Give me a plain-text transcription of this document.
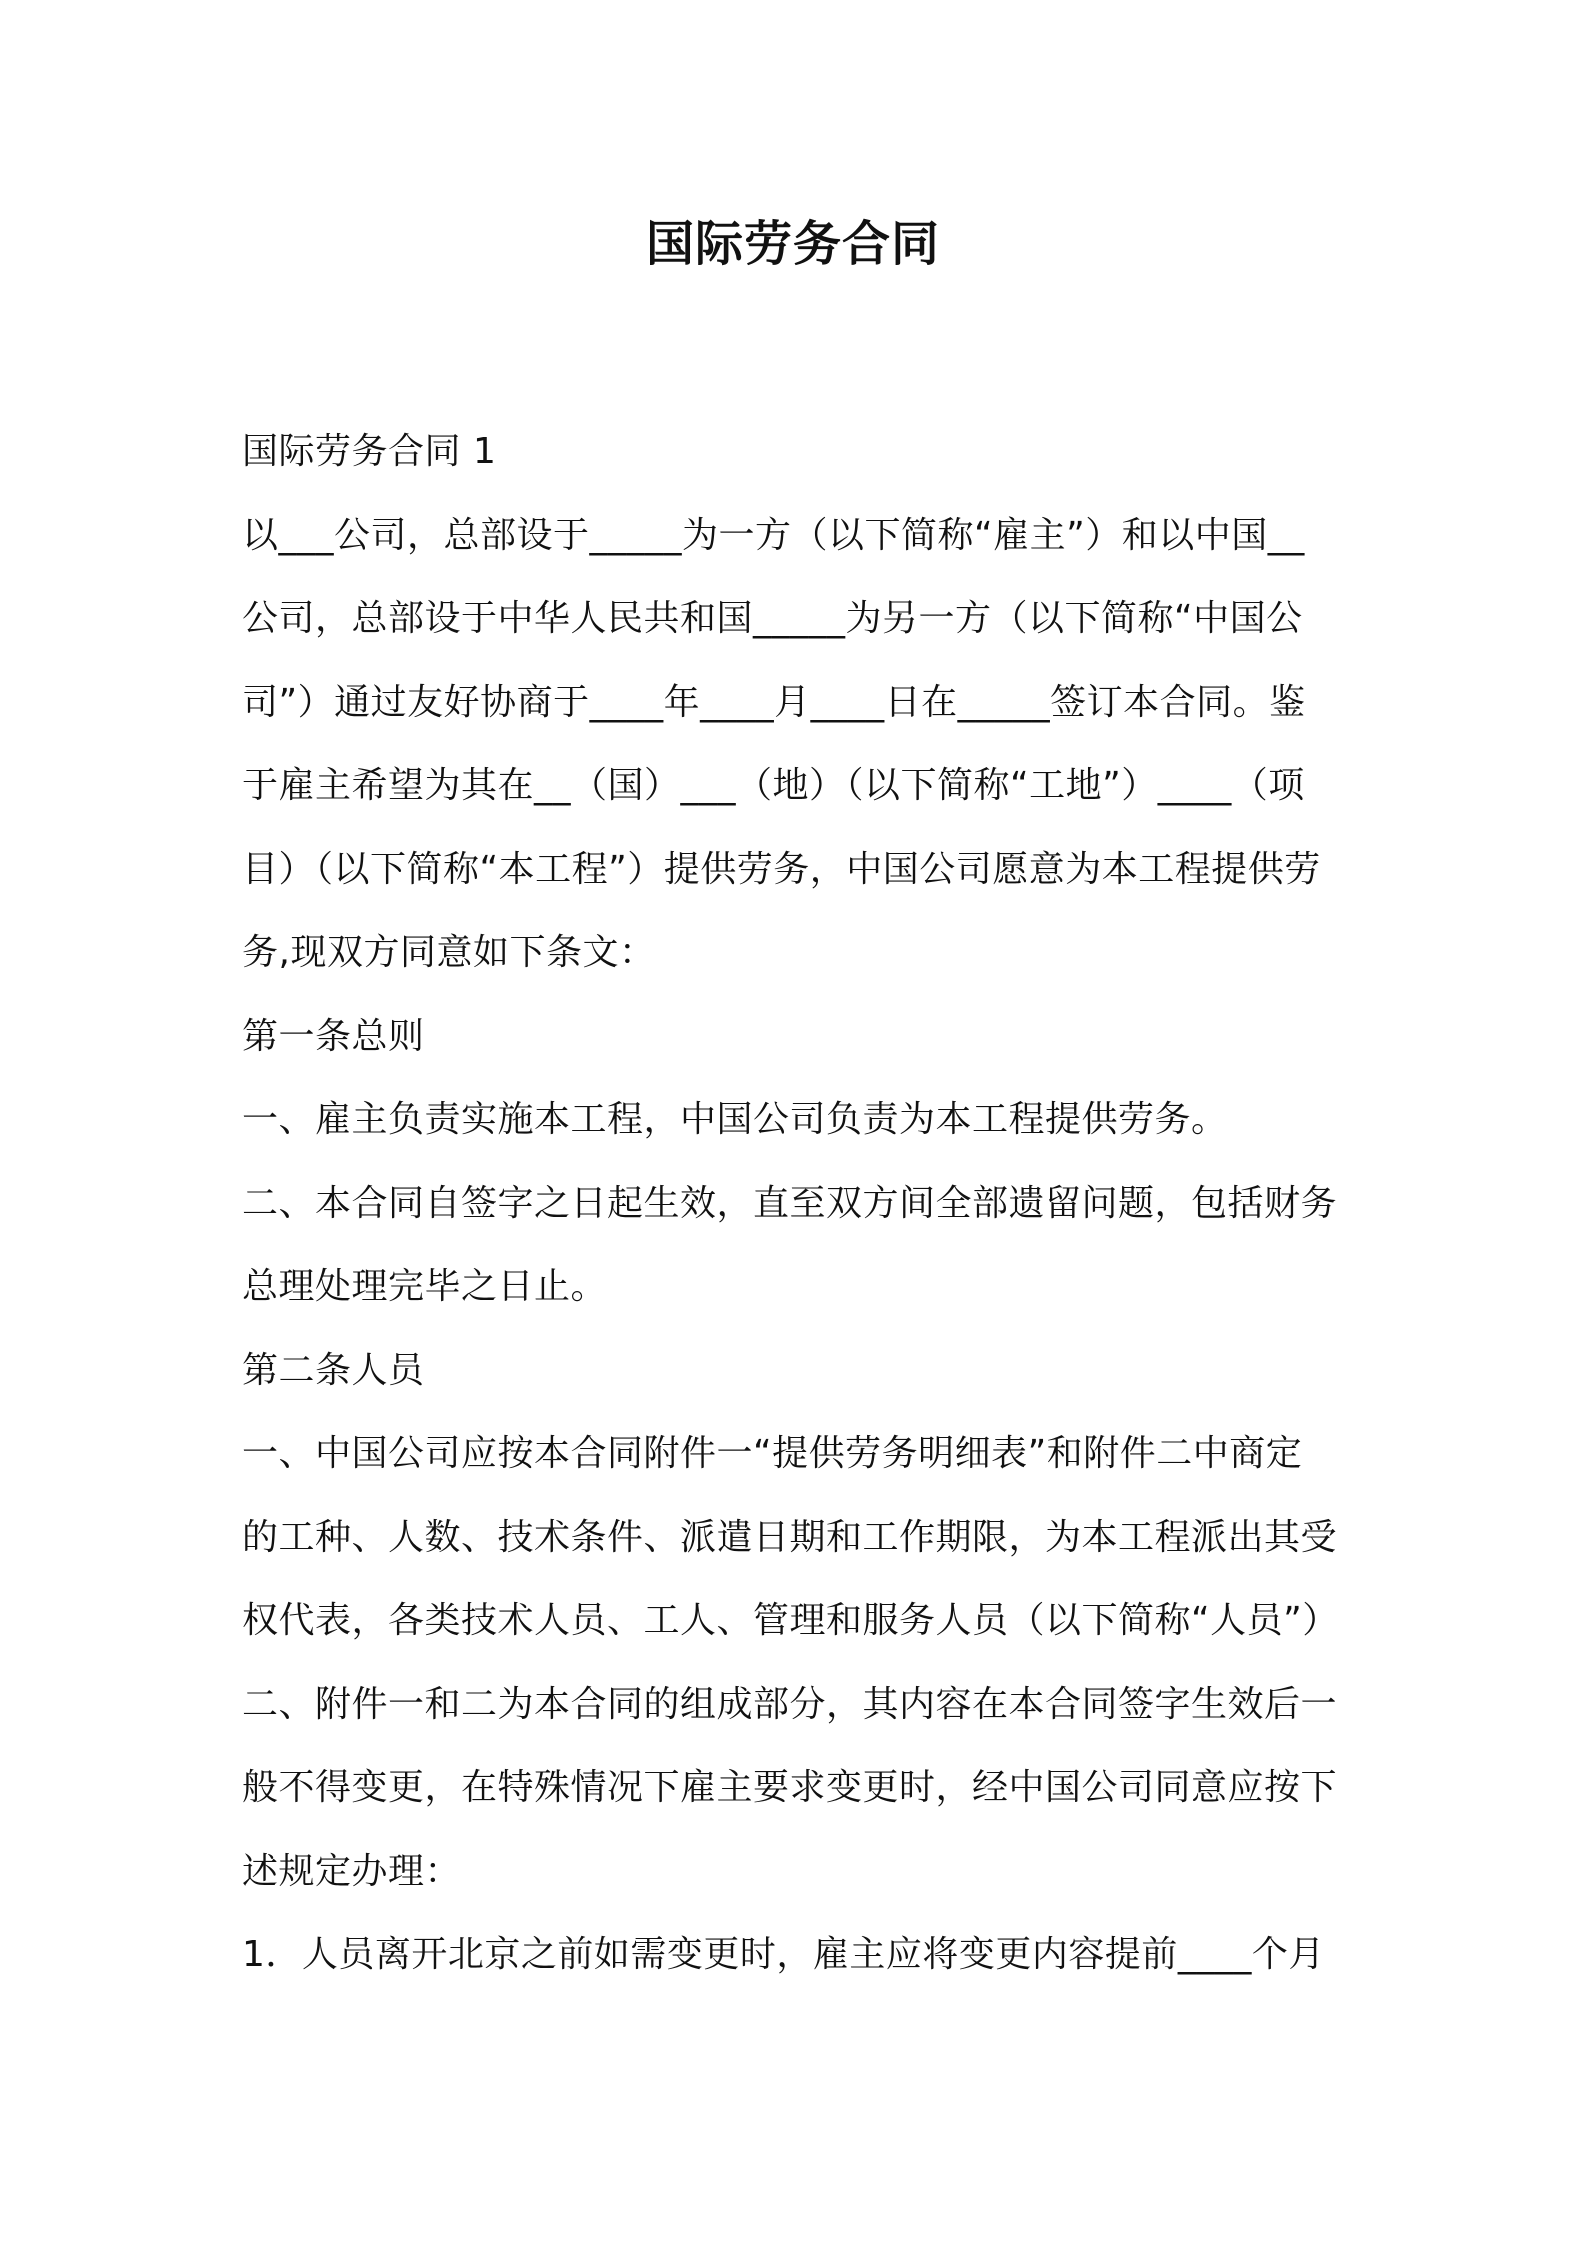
国际劳务合同
国际劳务合同 1
以___公司，总部设于_____为一方（以下简称“雇主”）和以中国__
公司，总部设于中华人民共和国_____为另一方（以下简称“中国公
司”）通过友好协商于____年____月____日在_____签订本合同。鉴
于雇主希望为其在__（国）___（地）（以下简称“工地”）____（项
目）（以下简称“本工程”）提供劳务，中国公司愿意为本工程提供劳
务,现双方同意如下条文：
第一条总则
一、雇主负责实施本工程，中国公司负责为本工程提供劳务。
二、本合同自签字之日起生效，直至双方间全部遗留问题，包括财务
总理处理完毕之日止。
第二条人员
一、中国公司应按本合同附件一“提供劳务明细表”和附件二中商定
的工种、人数、技术条件、派遣日期和工作期限，为本工程派出其受
权代表，各类技术人员、工人、管理和服务人员（以下简称“人员”）
二、附件一和二为本合同的组成部分，其内容在本合同签字生效后一
般不得变更，在特殊情况下雇主要求变更时，经中国公司同意应按下
述规定办理：
1．人员离开北京之前如需变更时，雇主应将变更内容提前____个月
